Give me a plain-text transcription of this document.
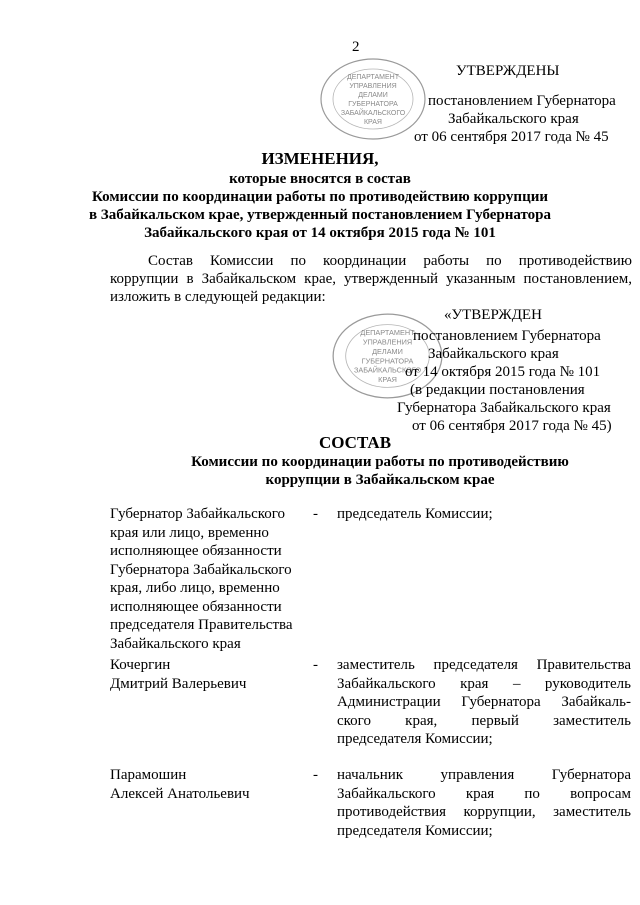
ДЕПАРТАМЕНТ
УПРАВЛЕНИЯ
ДЕЛАМИ
ГУБЕРНАТОРА
ЗАБАЙКАЛЬСКОГО
КРАЯ
ДЕПАРТАМЕНТ
УПРАВЛЕНИЯ
ДЕЛАМИ
ГУБЕРНАТОРА
ЗАБАЙКАЛЬСКОГО
КРАЯ
2
УТВЕРЖДЕНЫ
постановлением Губернатора
Забайкальского края
от 06 сентября 2017 года № 45
ИЗМЕНЕНИЯ,
которые вносятся в состав
Комиссии по координации работы по противодействию коррупции
в Забайкальском крае, утвержденный постановлением Губернатора
Забайкальского края от 14 октября 2015 года № 101
Состав Комиссии по координации работы по противодействию
коррупции в Забайкальском крае, утвержденный указанным постановлением,
изложить в следующей редакции:
«УТВЕРЖДЕН
постановлением Губернатора
Забайкальского края
от 14 октября 2015 года № 101
(в редакции постановления
Губернатора Забайкальского края
от 06 сентября 2017 года № 45)
СОСТАВ
Комиссии по координации работы по противодействию
коррупции в Забайкальском крае
Губернатор Забайкальского
края или лицо, временно
исполняющее обязанности
Губернатора Забайкальского
края, либо лицо, временно
исполняющее обязанности
председателя Правительства
Забайкальского края
- председатель Комиссии;
Кочергин
Дмитрий Валерьевич
- заместитель председателя Правительства
Забайкальского края – руководитель
Администрации Губернатора Забайкаль-
ского края, первый заместитель
председателя Комиссии;
Парамошин
Алексей Анатольевич
- начальник управления Губернатора
Забайкальского края по вопросам
противодействия коррупции, заместитель
председателя Комиссии;
